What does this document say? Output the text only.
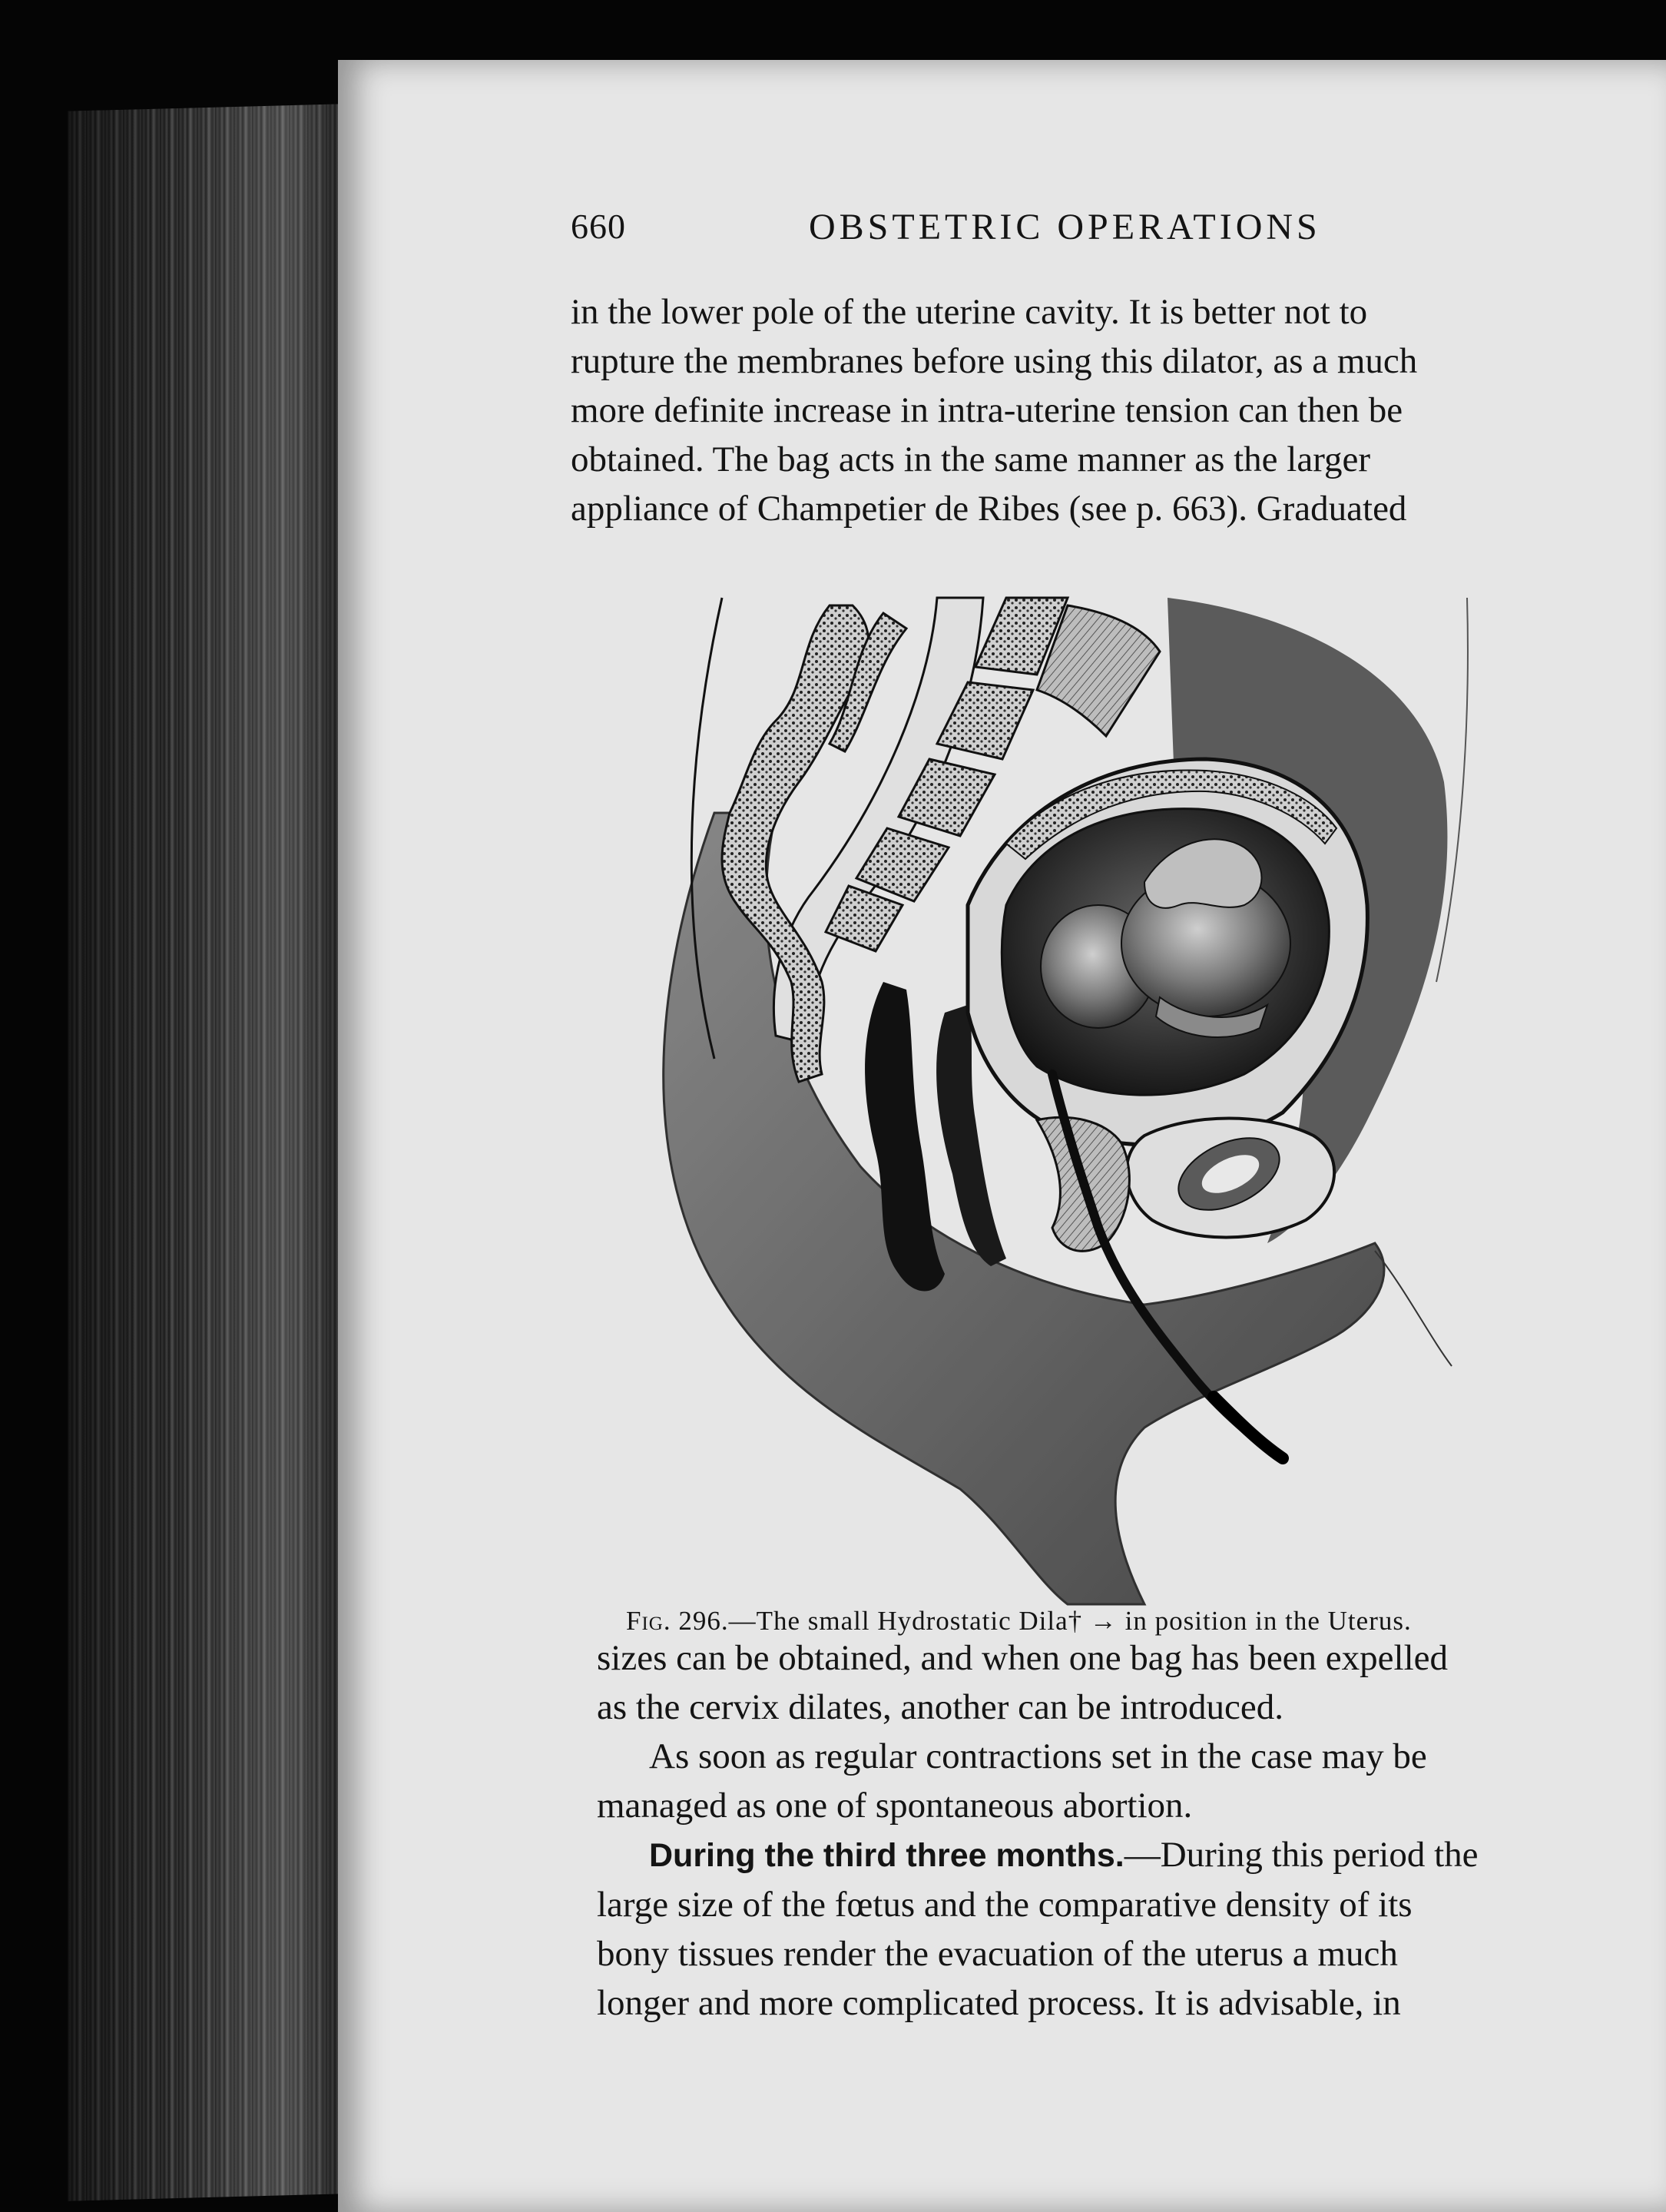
660	OBSTETRIC OPERATIONS
in the lower pole of the uterine cavity. It is better not to
rupture the membranes before using this dilator, as a much
more definite increase in intra-uterine tension can then be
obtained. The bag acts in the same manner as the larger
appliance of Champetier de Ribes (see p. 663). Graduated
Fig. 296.—The small Hydrostatic Dila† → in position in the Uterus.
sizes can be obtained, and when one bag has been expelled
as the cervix dilates, another can be introduced.
As soon as regular contractions set in the case may be
managed as one of spontaneous abortion.
During the third three months.—During this period the
large size of the fœtus and the comparative density of its
bony tissues render the evacuation of the uterus a much
longer and more complicated process. It is advisable, in
